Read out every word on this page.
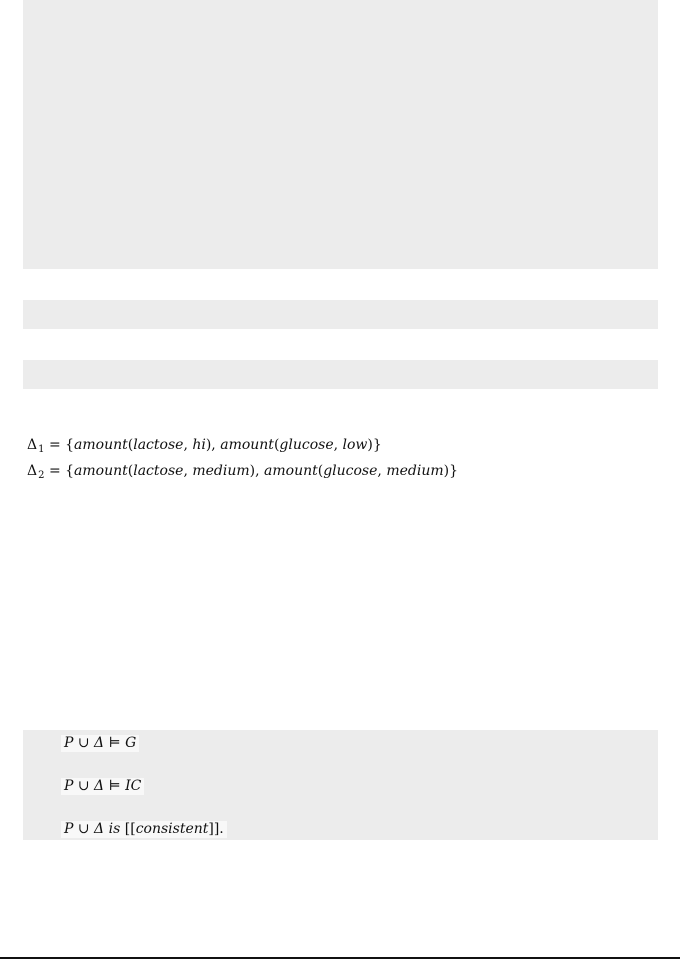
$\Delta_1$ = {amount(lactose, hi), amount(glucose, low)}
$\Delta_2$ = {amount(lactose, medium), amount(glucose, medium)}
P ∪ Δ ⊨ G
P ∪ Δ ⊨ IC
P ∪ Δ is [[consistent]].
